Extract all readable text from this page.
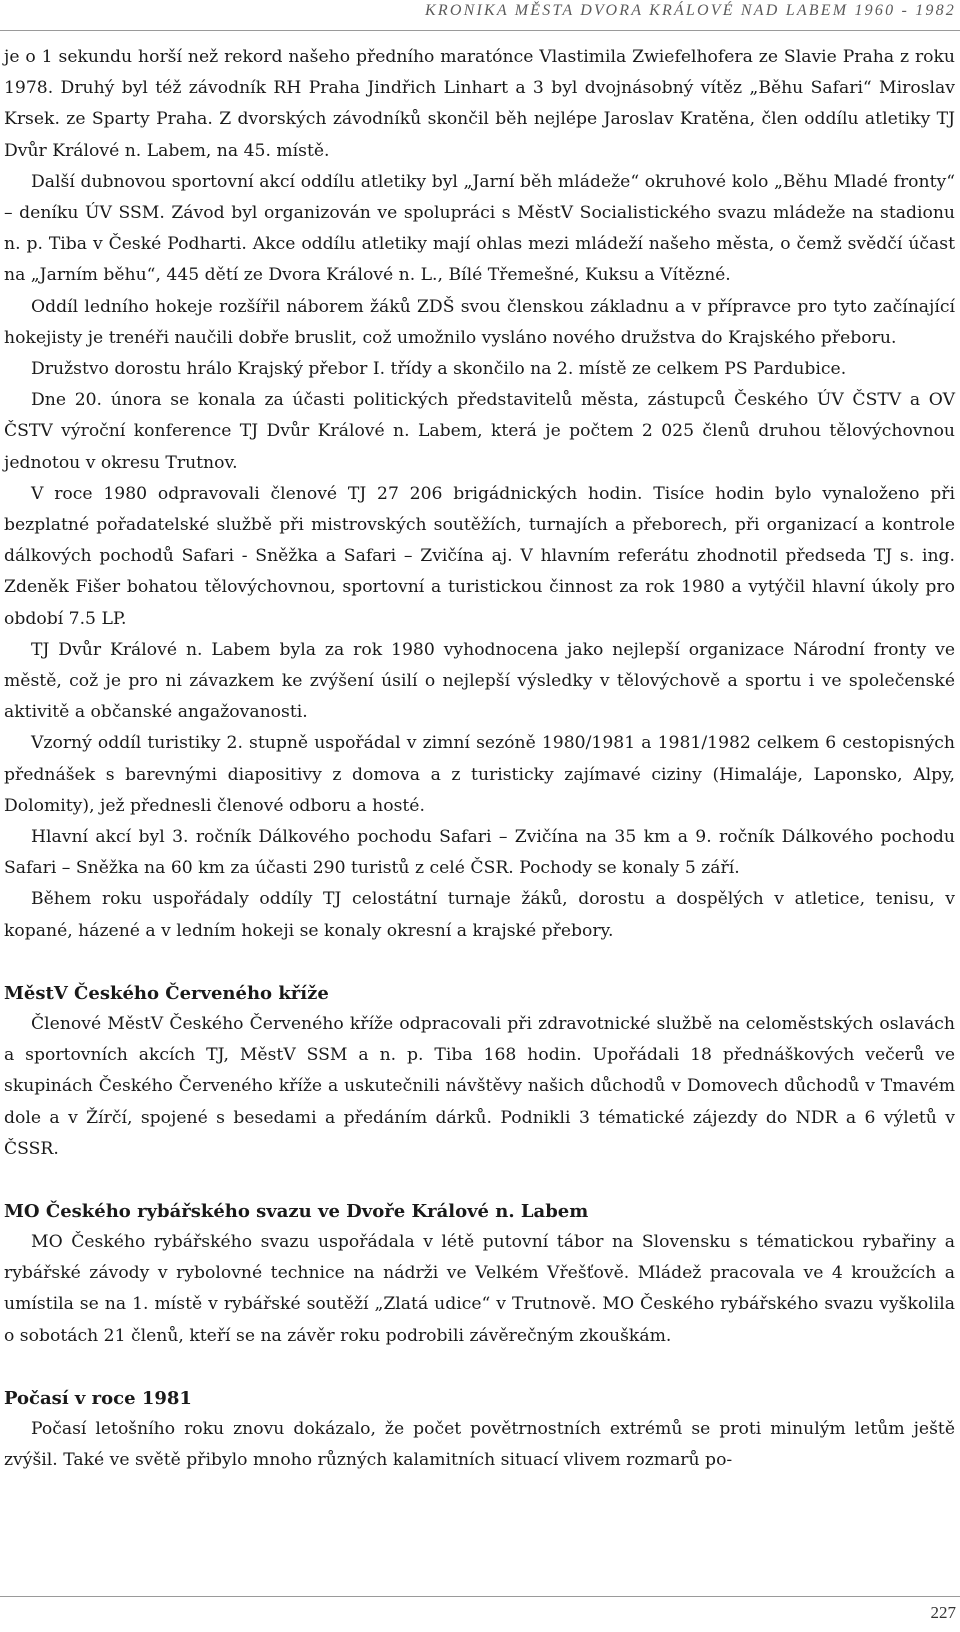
KRONIKA MĚSTA DVORA KRÁLOVÉ NAD LABEM 1960 - 1982

je o 1 sekundu horší než rekord našeho předního maratónce Vlastimila Zwiefelhofera ze Slavie Praha z roku 1978. Druhý byl též závodník RH Praha Jindřich Linhart a 3 byl dvojnásobný vítěz „Běhu Safari“ Miroslav Krsek. ze Sparty Praha. Z dvorských závodníků skončil běh nejlépe Jaroslav Kratěna, člen oddílu atletiky TJ Dvůr Králové n. Labem, na 45. místě.

Další dubnovou sportovní akcí oddílu atletiky byl „Jarní běh mládeže“ okruhové kolo „Běhu Mladé fronty“ – deníku ÚV SSM. Závod byl organizován ve spolupráci s MěstV Socialistického svazu mládeže na stadionu n. p. Tiba v České Podharti. Akce oddílu atletiky mají ohlas mezi mládeží našeho města, o čemž svědčí účast na „Jarním běhu“, 445 dětí ze Dvora Králové n. L., Bílé Třemešné, Kuksu a Vítězné.

Oddíl ledního hokeje rozšířil náborem žáků ZDŠ svou členskou základnu a v přípravce pro tyto začínající hokejisty je trenéři naučili dobře bruslit, což umožnilo vysláno nového družstva do Krajského přeboru.

Družstvo dorostu hrálo Krajský přebor I. třídy a skončilo na 2. místě ze celkem PS Pardubice.

Dne 20. února se konala za účasti politických představitelů města, zástupců Českého ÚV ČSTV a OV ČSTV výroční konference TJ Dvůr Králové n. Labem, která je počtem 2 025 členů druhou tělovýchovnou jednotou v okresu Trutnov.

V roce 1980 odpravovali členové TJ 27 206 brigádnických hodin. Tisíce hodin bylo vynaloženo při bezplatné pořadatelské službě při mistrovských soutěžích, turnajích a přeborech, při organizací a kontrole dálkových pochodů Safari - Sněžka a Safari – Zvičína aj. V hlavním referátu zhodnotil předseda TJ s. ing. Zdeněk Fišer bohatou tělovýchovnou, sportovní a turistickou činnost za rok 1980 a vytýčil hlavní úkoly pro období 7.5 LP.

TJ Dvůr Králové n. Labem byla za rok 1980 vyhodnocena jako nejlepší organizace Národní fronty ve městě, což je pro ni závazkem ke zvýšení úsilí o nejlepší výsledky v tělovýchově a sportu i ve společenské aktivitě a občanské angažovanosti.

Vzorný oddíl turistiky 2. stupně uspořádal v zimní sezóně 1980/1981 a 1981/1982 celkem 6 cestopisných přednášek s barevnými diapositivy z domova a z turisticky zajímavé ciziny (Himaláje, Laponsko, Alpy, Dolomity), jež přednesli členové odboru a hosté.

Hlavní akcí byl 3. ročník Dálkového pochodu Safari – Zvičína na 35 km a 9. ročník Dálkového pochodu Safari – Sněžka na 60 km za účasti 290 turistů z celé ČSR. Pochody se konaly 5 září.

Během roku uspořádaly oddíly TJ celostátní turnaje žáků, dorostu a dospělých v atletice, tenisu, v kopané, házené a v ledním hokeji se konaly okresní a krajské přebory.

MěstV Českého Červeného kříže

Členové MěstV Českého Červeného kříže odpracovali při zdravotnické službě na celoměstských oslavách a sportovních akcích TJ, MěstV SSM a n. p. Tiba 168 hodin. Upořádali 18 přednáškových večerů ve skupinách Českého Červeného kříže a uskutečnili návštěvy našich důchodů v Domovech důchodů v Tmavém dole a v Žírčí, spojené s besedami a předáním dárků. Podnikli 3 tématické zájezdy do NDR a 6 výletů v ČSSR.

MO Českého rybářského svazu ve Dvoře Králové n. Labem

MO Českého rybářského svazu uspořádala v létě putovní tábor na Slovensku s tématickou rybařiny a rybářské závody v rybolovné technice na nádrži ve Velkém Vřešťově. Mládež pracovala ve 4 kroužcích a umístila se na 1. místě v rybářské soutěží „Zlatá udice“ v Trutnově. MO Českého rybářského svazu vyškolila o sobotách 21 členů, kteří se na závěr roku podrobili závěrečným zkouškám.

Počasí v roce 1981

Počasí letošního roku znovu dokázalo, že počet povětrnostních extrémů se proti minulým letům ještě zvýšil. Také ve světě přibylo mnoho různých kalamitních situací vlivem rozmarů po-

227
